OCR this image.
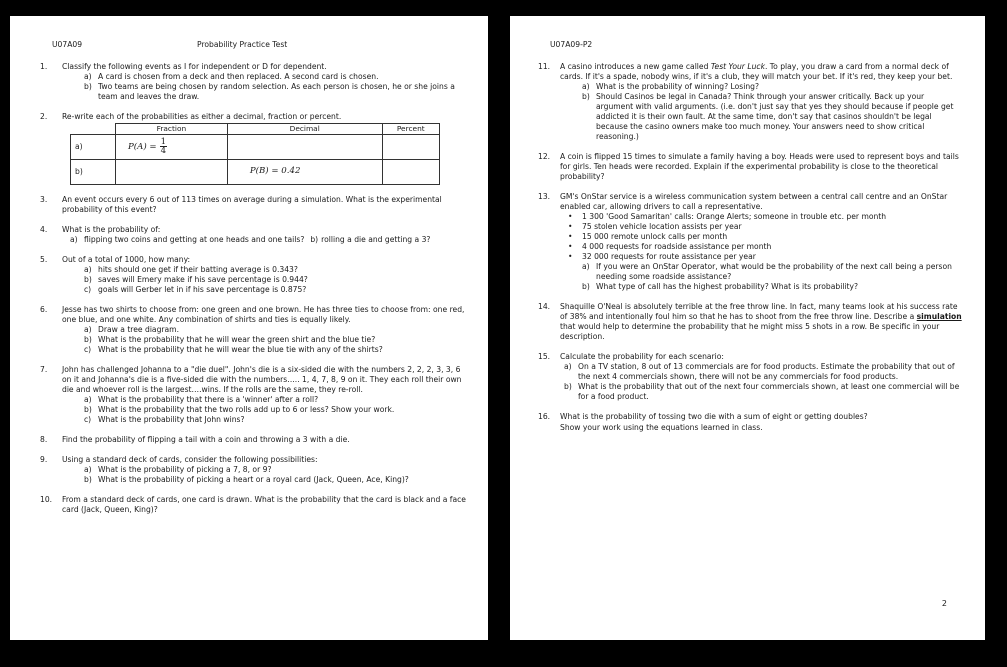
U07A09	Probability Practice Test
1.	Classify the following events as I for independent or D for dependent.
a) A card is chosen from a deck and then replaced. A second card is chosen.
b) Two teams are being chosen by random selection. As each person is chosen, he or she joins a team and leaves the draw.
2.	Re-write each of the probabilities as either a decimal, fraction or percent.
	Fraction	Decimal	Percent
a)	$P(A) = \frac{1}{4}$

b)		P(B) = 0.42	
3.	An event occurs every 6 out of 113 times on average during a simulation. What is the experimental probability of this event?
4.	What is the probability of:
a) flipping two coins and getting at one heads and one tails? b) rolling a die and getting a 3?
5.	Out of a total of 1000, how many:
a) hits should one get if their batting average is 0.343?
b) saves will Emery make if his save percentage is 0.944?
c) goals will Gerber let in if his save percentage is 0.875?
6.	Jesse has two shirts to choose from: one green and one brown. He has three ties to choose from: one red, one blue, and one white. Any combination of shirts and ties is equally likely.
a) Draw a tree diagram.
b) What is the probability that he will wear the green shirt and the blue tie?
c) What is the probability that he will wear the blue tie with any of the shirts?
7.	John has challenged Johanna to a "die duel". John's die is a six-sided die with the numbers 2, 2, 2, 3, 3, 6 on it and Johanna's die is a five-sided die with the numbers….. 1, 4, 7, 8, 9 on it. They each roll their own die and whoever roll is the largest….wins. If the rolls are the same, they re-roll.
a) What is the probability that there is a 'winner' after a roll?
b) What is the probability that the two rolls add up to 6 or less? Show your work.
c) What is the probability that John wins?
8.	Find the probability of flipping a tail with a coin and throwing a 3 with a die.
9.	Using a standard deck of cards, consider the following possibilities:
a) What is the probability of picking a 7, 8, or 9?
b) What is the probability of picking a heart or a royal card (Jack, Queen, Ace, King)?
10.	From a standard deck of cards, one card is drawn. What is the probability that the card is black and a face card (Jack, Queen, King)?
U07A09-P2
11.	A casino introduces a new game called Test Your Luck. To play, you draw a card from a normal deck of cards. If it's a spade, nobody wins, if it's a club, they will match your bet. If it's red, they keep your bet.
a) What is the probability of winning? Losing?
b) Should Casinos be legal in Canada? Think through your answer critically. Back up your argument with valid arguments. (i.e. don't just say that yes they should because if people get addicted it is their own fault. At the same time, don't say that casinos shouldn't be legal because the casino owners make too much money. Your answers need to show critical reasoning.)
12.	A coin is flipped 15 times to simulate a family having a boy. Heads were used to represent boys and tails for girls. Ten heads were recorded. Explain if the experimental probability is close to the theoretical probability?
13.	GM's OnStar service is a wireless communication system between a central call centre and an OnStar enabled car, allowing drivers to call a representative.
•	1 300 'Good Samaritan' calls: Orange Alerts; someone in trouble etc. per month
•	75 stolen vehicle location assists per year
•	15 000 remote unlock calls per month
•	4 000 requests for roadside assistance per month
•	32 000 requests for route assistance per year
a) If you were an OnStar Operator, what would be the probability of the next call being a person needing some roadside assistance?
b) What type of call has the highest probability? What is its probability?
14.	Shaquille O'Neal is absolutely terrible at the free throw line. In fact, many teams look at his success rate of 38% and intentionally foul him so that he has to shoot from the free throw line. Describe a simulation that would help to determine the probability that he might miss 5 shots in a row. Be specific in your description.
15.	Calculate the probability for each scenario:
a) On a TV station, 8 out of 13 commercials are for food products. Estimate the probability that out of the next 4 commercials shown, there will not be any commercials for food products.
b) What is the probability that out of the next four commercials shown, at least one commercial will be for a food product.
16.	What is the probability of tossing two die with a sum of eight or getting doubles?
Show your work using the equations learned in class.
2
